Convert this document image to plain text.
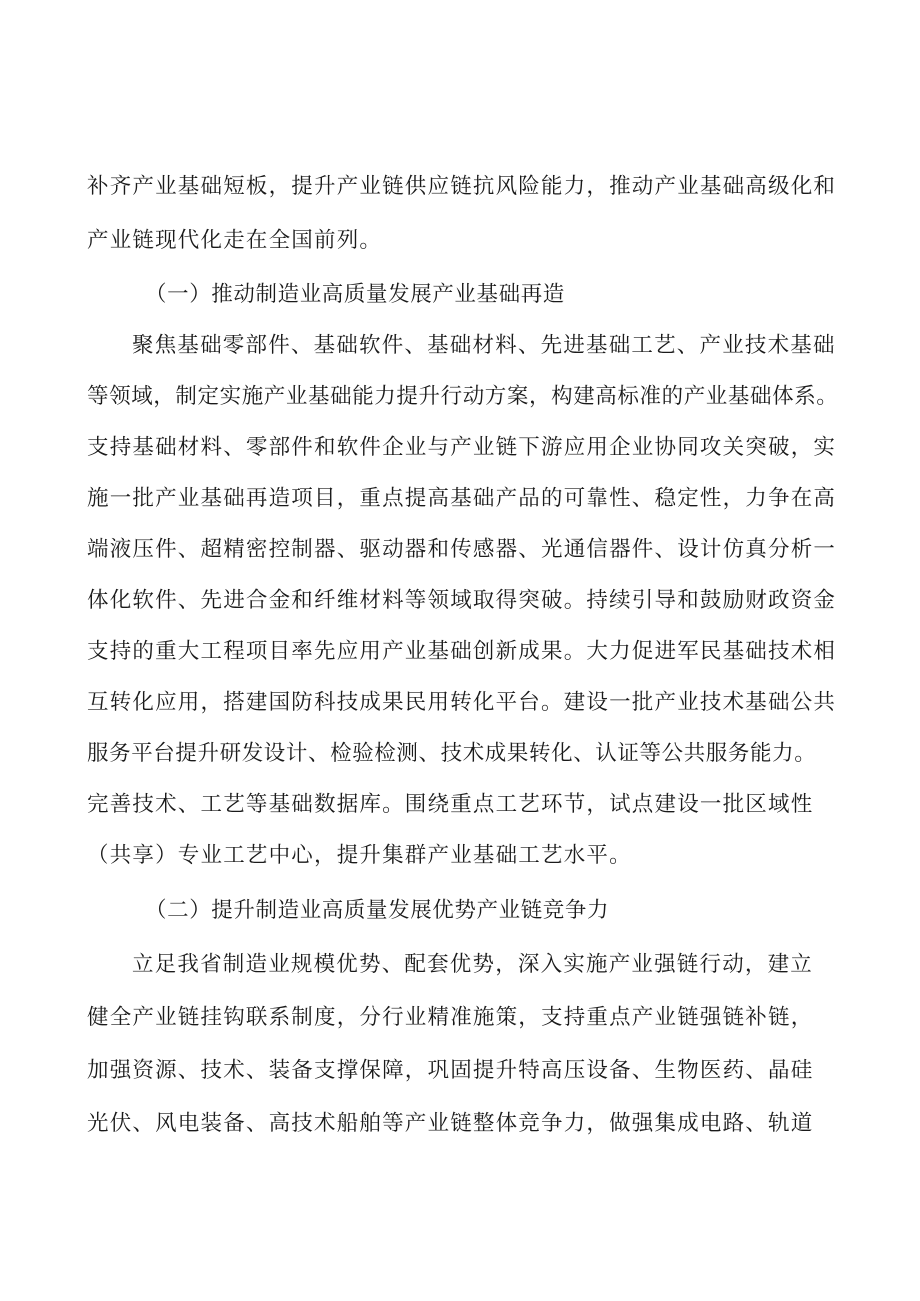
补齐产业基础短板，提升产业链供应链抗风险能力，推动产业基础高级化和
产业链现代化走在全国前列。
（一）推动制造业高质量发展产业基础再造
聚焦基础零部件、基础软件、基础材料、先进基础工艺、产业技术基础
等领域，制定实施产业基础能力提升行动方案，构建高标准的产业基础体系。
支持基础材料、零部件和软件企业与产业链下游应用企业协同攻关突破，实
施一批产业基础再造项目，重点提高基础产品的可靠性、稳定性，力争在高
端液压件、超精密控制器、驱动器和传感器、光通信器件、设计仿真分析一
体化软件、先进合金和纤维材料等领域取得突破。持续引导和鼓励财政资金
支持的重大工程项目率先应用产业基础创新成果。大力促进军民基础技术相
互转化应用，搭建国防科技成果民用转化平台。建设一批产业技术基础公共
服务平台提升研发设计、检验检测、技术成果转化、认证等公共服务能力。
完善技术、工艺等基础数据库。围绕重点工艺环节，试点建设一批区域性
（共享）专业工艺中心，提升集群产业基础工艺水平。
（二）提升制造业高质量发展优势产业链竞争力
立足我省制造业规模优势、配套优势，深入实施产业强链行动，建立
健全产业链挂钩联系制度，分行业精准施策，支持重点产业链强链补链，
加强资源、技术、装备支撑保障，巩固提升特高压设备、生物医药、晶硅
光伏、风电装备、高技术船舶等产业链整体竞争力，做强集成电路、轨道
